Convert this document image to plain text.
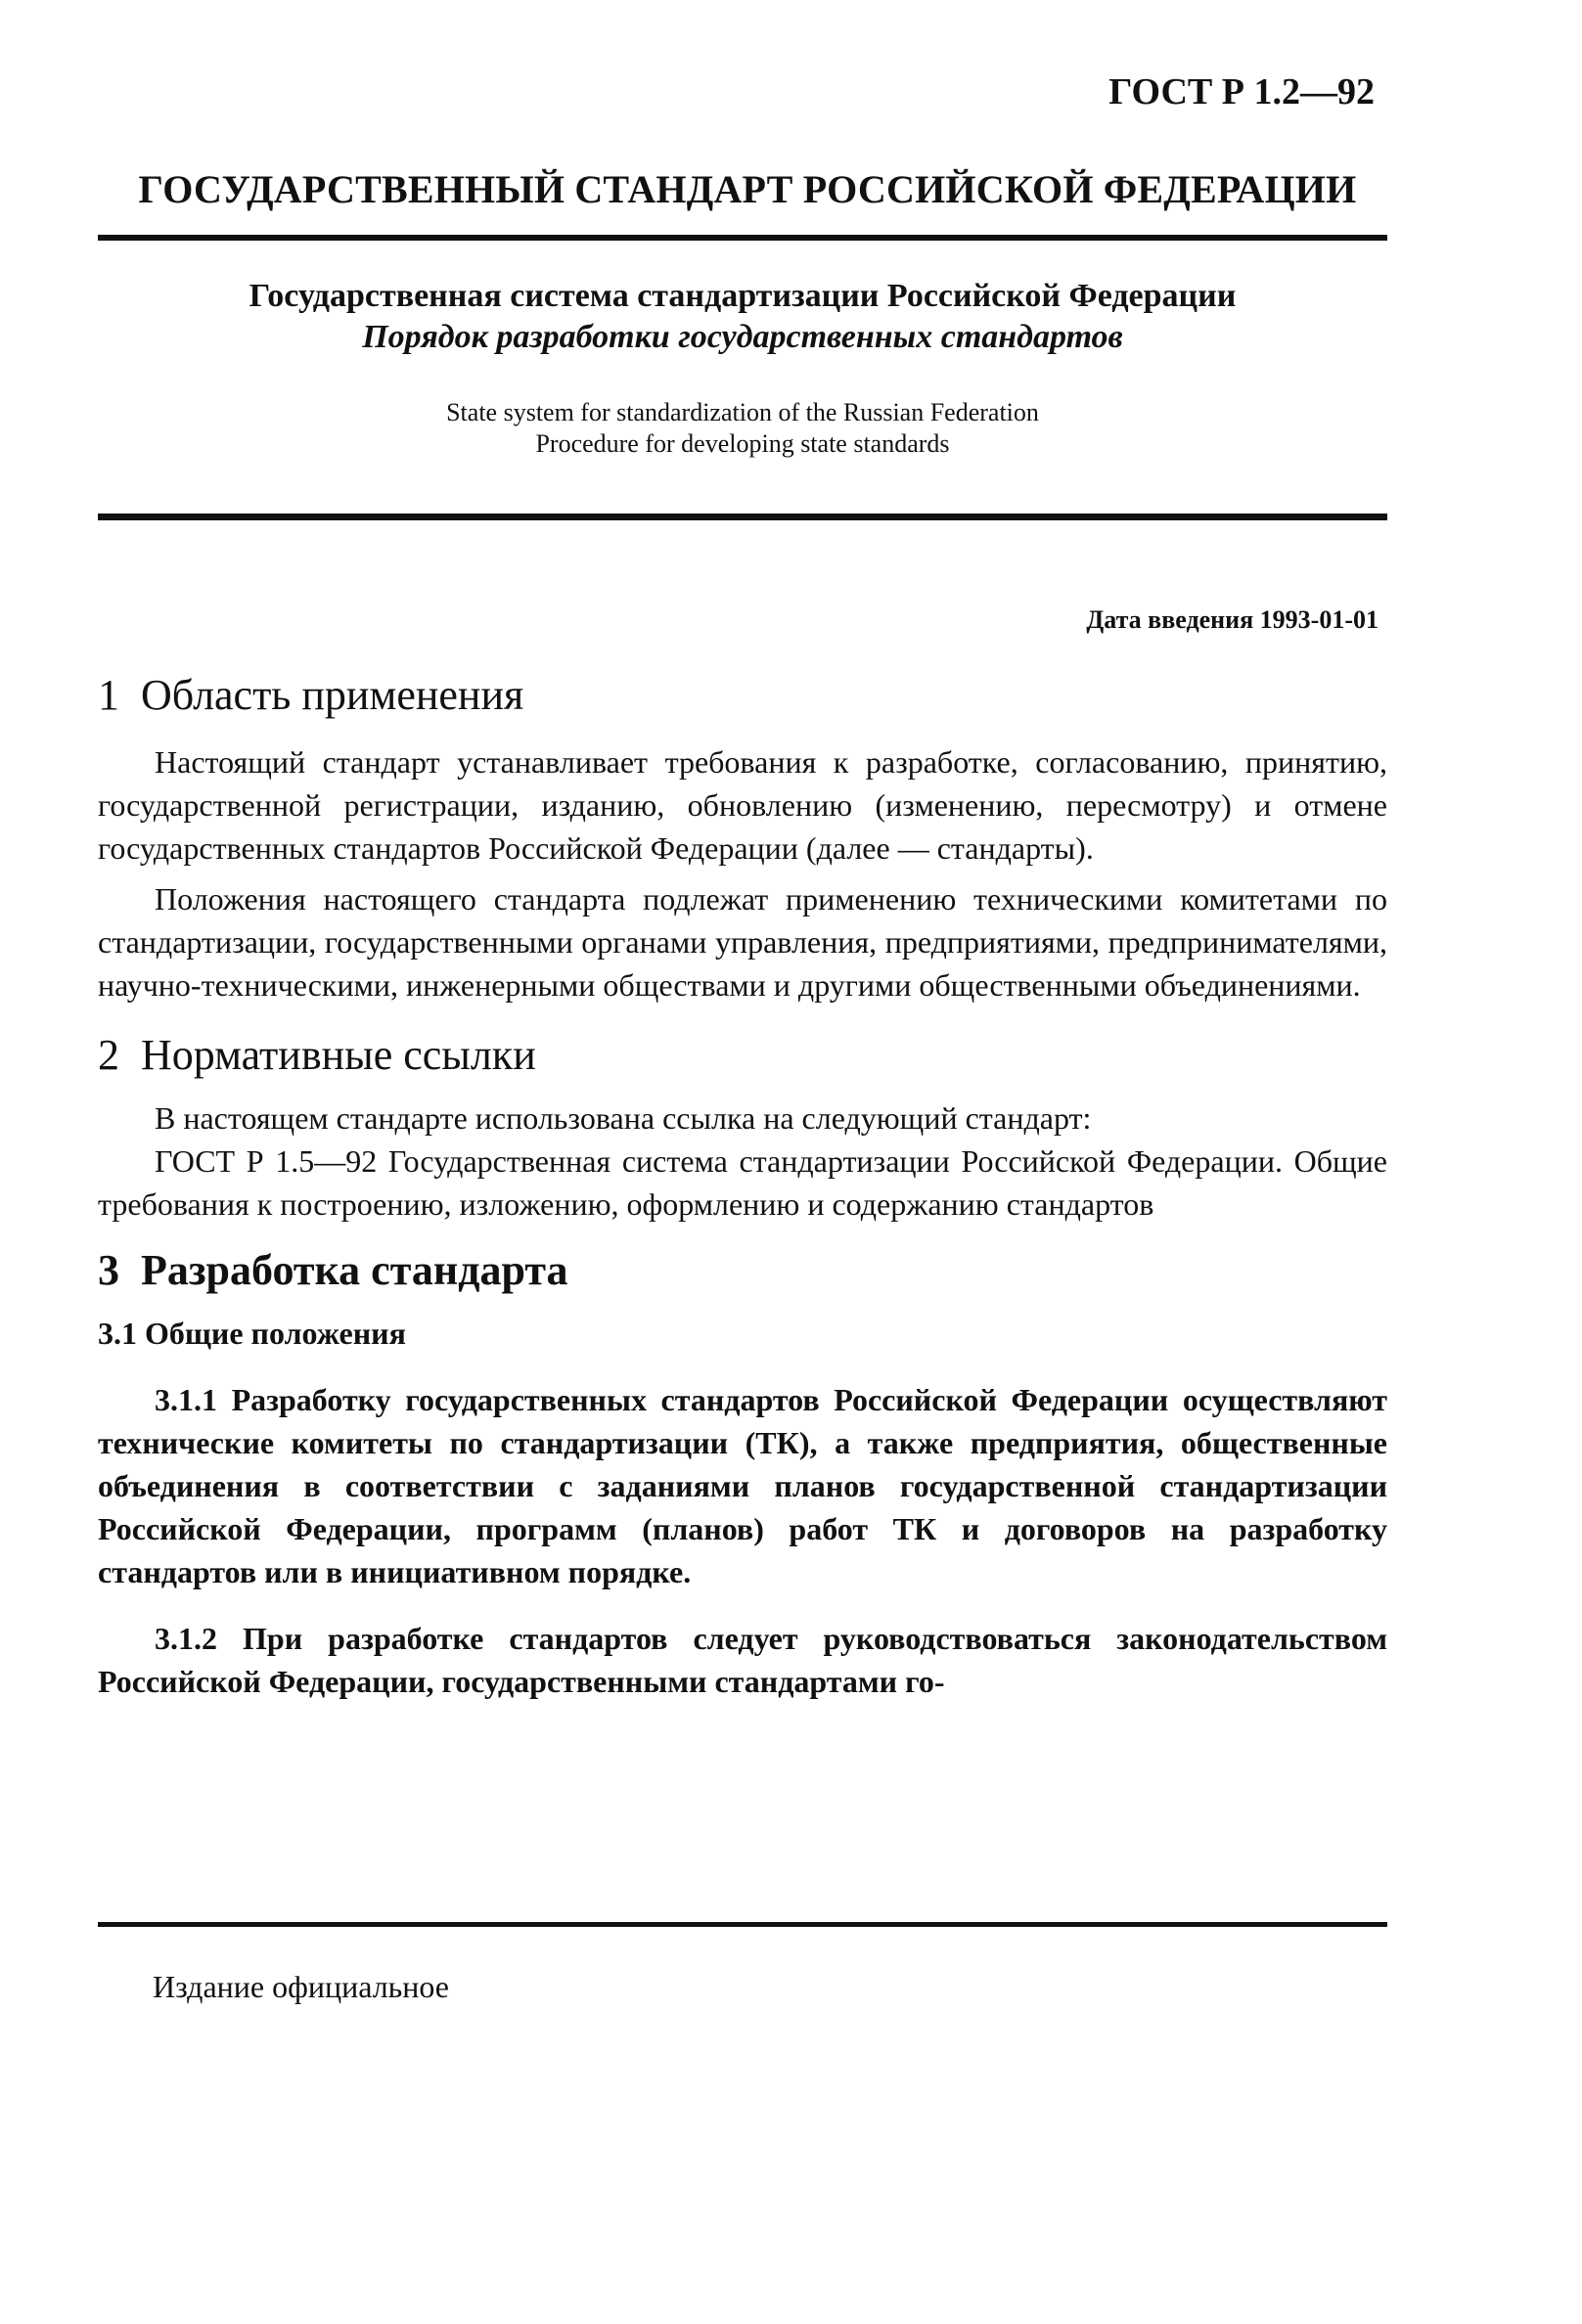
ГОСТ Р 1.2—92
ГОСУДАРСТВЕННЫЙ СТАНДАРТ РОССИЙСКОЙ ФЕДЕРАЦИИ
Государственная система стандартизации Российской Федерации
Порядок разработки государственных стандартов
State system for standardization of the Russian Federation
Procedure for developing state standards
Дата введения 1993-01-01
1 Область применения

Настоящий стандарт устанавливает требования к разработке, согласованию, принятию, государственной регистрации, изданию, обновлению (изменению, пересмотру) и отмене государственных стандартов Российской Федерации (далее — стандарты).

Положения настоящего стандарта подлежат применению техническими комитетами по стандартизации, государственными органами управления, предприятиями, предпринимателями, научно-техническими, инженерными обществами и другими общественными объединениями.

2 Нормативные ссылки

В настоящем стандарте использована ссылка на следующий стандарт:

ГОСТ Р 1.5—92 Государственная система стандартизации Российской Федерации. Общие требования к построению, изложению, оформлению и содержанию стандартов

3 Разработка стандарта
3.1 Общие положения

3.1.1 Разработку государственных стандартов Российской Федерации осуществляют технические комитеты по стандартизации (ТК), а также предприятия, общественные объединения в соответствии с заданиями планов государственной стандартизации Российской Федерации, программ (планов) работ ТК и договоров на разработку стандартов или в инициативном порядке.

3.1.2 При разработке стандартов следует руководствоваться законодательством Российской Федерации, государственными стандартами го-

Издание официальное
